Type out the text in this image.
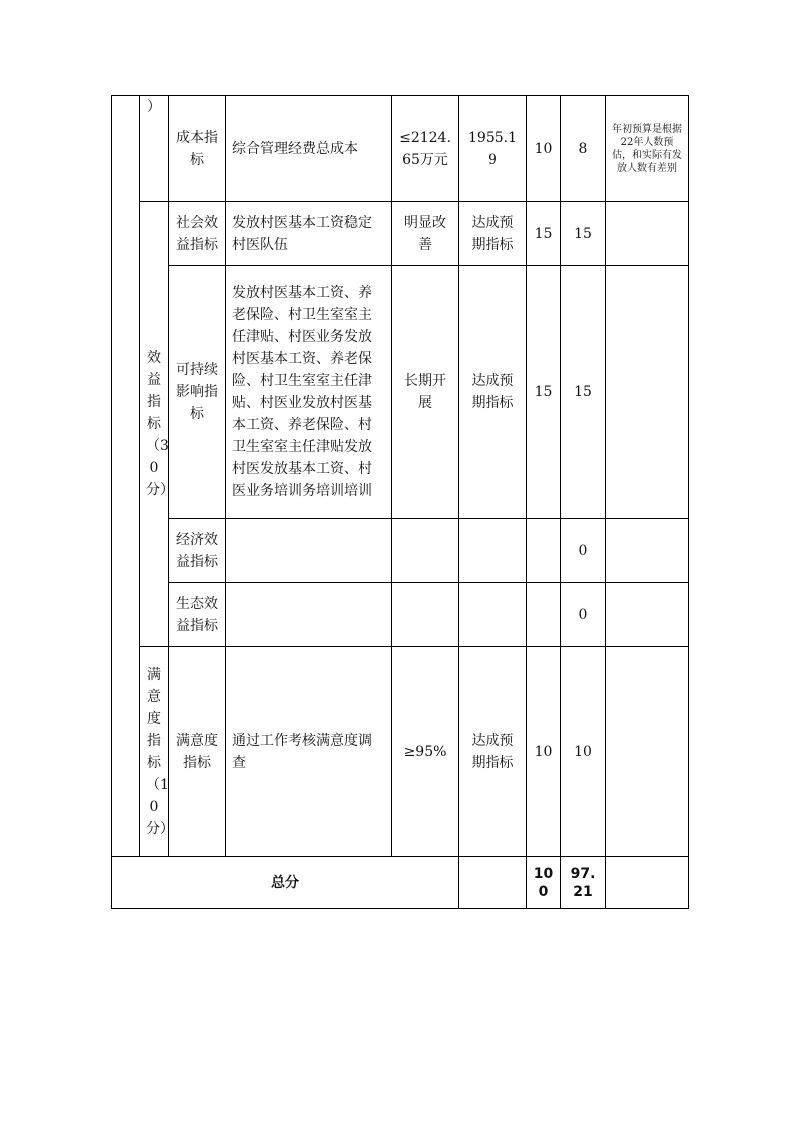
	）	成本指标	综合管理经费总成本	≤2124.65万元	1955.19	10	8	年初预算是根据22年人数预估，和实际有发放人数有差别

	效益指标（30分）	社会效益指标	发放村医基本工资稳定村医队伍	明显改善	达成预期指标	15	15	

		可持续影响指标	发放村医基本工资、养老保险、村卫生室室主任津贴、村医业务发放村医基本工资、养老保险、村卫生室室主任津贴、村医业发放村医基本工资、养老保险、村卫生室室主任津贴发放村医发放基本工资、村医业务培训务培训培训	长期开展	达成预期指标	15	15	

		经济效益指标					0	

		生态效益指标					0	

	满意度指标（10分）	满意度指标	通过工作考核满意度调查	≥95%	达成预期指标	10	10	
总分						100	97.21	
